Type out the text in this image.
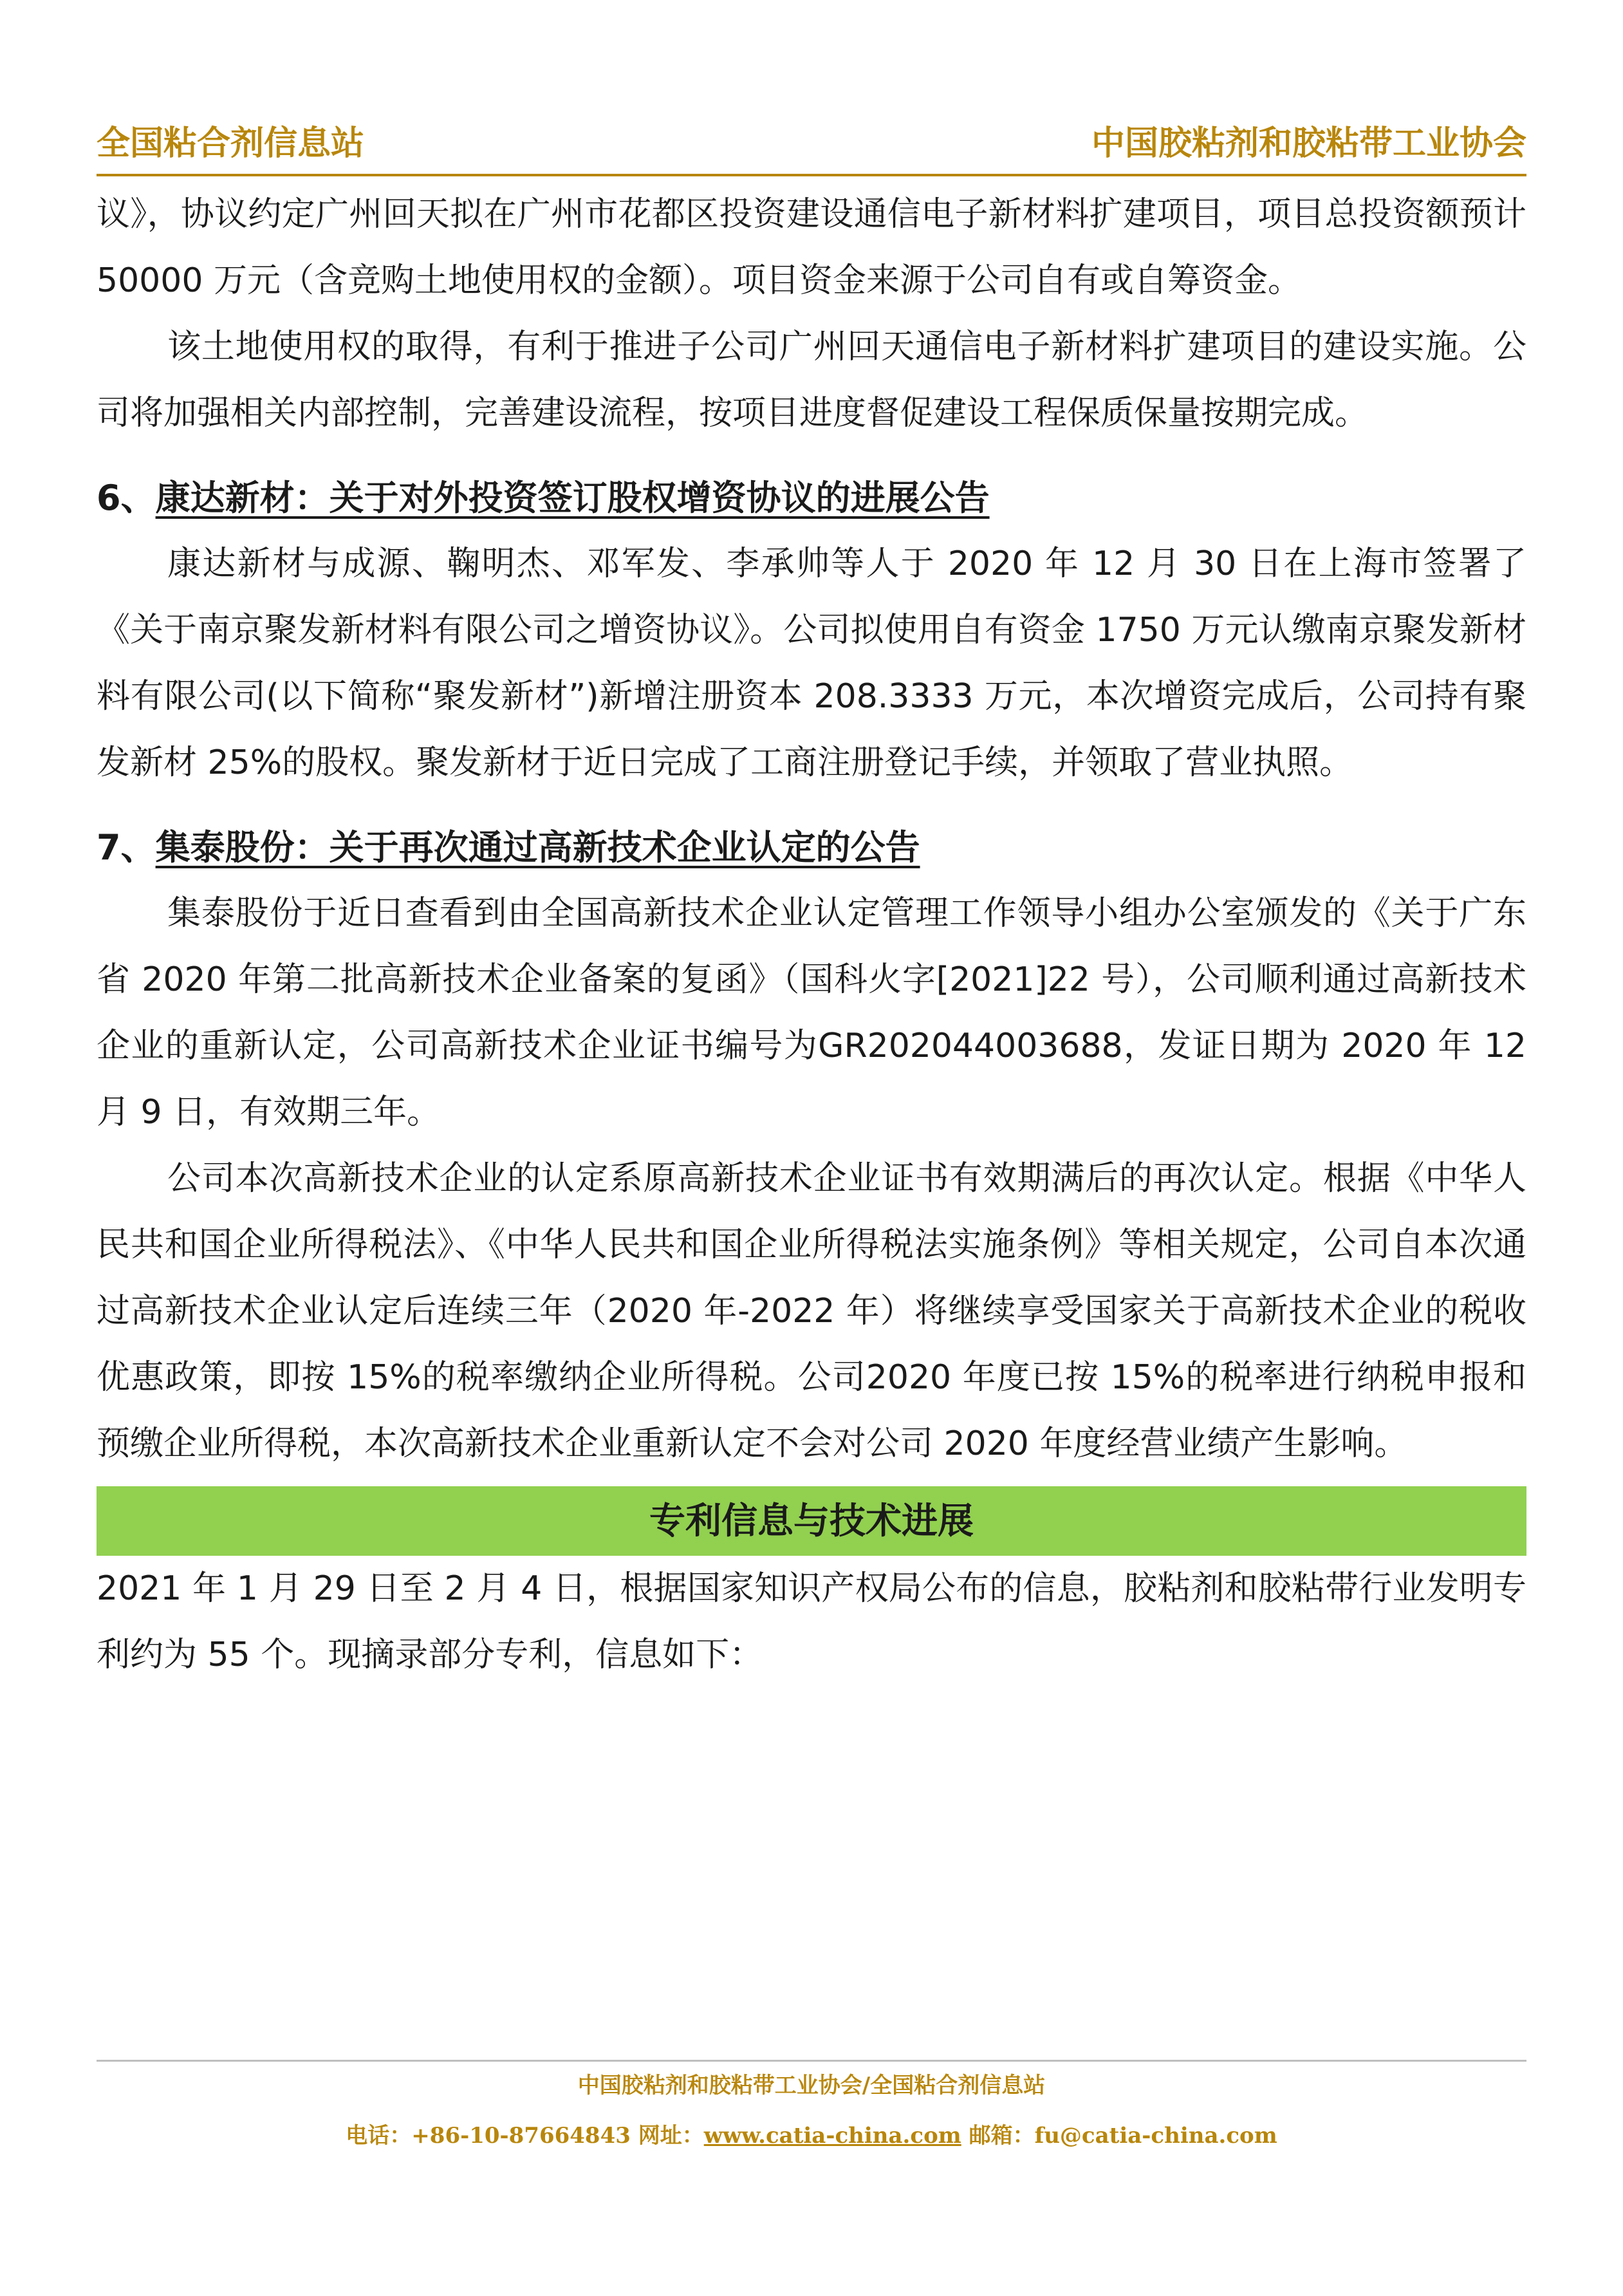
全国粘合剂信息站	中国胶粘剂和胶粘带工业协会

议》，协议约定广州回天拟在广州市花都区投资建设通信电子新材料扩建项目，项目总投资额预计 50000 万元（含竞购土地使用权的金额）。项目资金来源于公司自有或自筹资金。

该土地使用权的取得，有利于推进子公司广州回天通信电子新材料扩建项目的建设实施。公司将加强相关内部控制，完善建设流程，按项目进度督促建设工程保质保量按期完成。

6、康达新材：关于对外投资签订股权增资协议的进展公告

康达新材与成源、鞠明杰、邓军发、李承帅等人于 2020 年 12 月 30 日在上海市签署了《关于南京聚发新材料有限公司之增资协议》。公司拟使用自有资金 1750 万元认缴南京聚发新材料有限公司(以下简称“聚发新材”)新增注册资本 208.3333 万元，本次增资完成后，公司持有聚发新材 25%的股权。聚发新材于近日完成了工商注册登记手续，并领取了营业执照。

7、集泰股份：关于再次通过高新技术企业认定的公告

集泰股份于近日查看到由全国高新技术企业认定管理工作领导小组办公室颁发的《关于广东省 2020 年第二批高新技术企业备案的复函》（国科火字[2021]22 号），公司顺利通过高新技术企业的重新认定，公司高新技术企业证书编号为GR202044003688，发证日期为 2020 年 12 月 9 日，有效期三年。

公司本次高新技术企业的认定系原高新技术企业证书有效期满后的再次认定。根据《中华人民共和国企业所得税法》、《中华人民共和国企业所得税法实施条例》等相关规定，公司自本次通过高新技术企业认定后连续三年（2020 年-2022 年）将继续享受国家关于高新技术企业的税收优惠政策，即按 15%的税率缴纳企业所得税。公司2020 年度已按 15%的税率进行纳税申报和预缴企业所得税，本次高新技术企业重新认定不会对公司 2020 年度经营业绩产生影响。

专利信息与技术进展

2021 年 1 月 29 日至 2 月 4 日，根据国家知识产权局公布的信息，胶粘剂和胶粘带行业发明专利约为 55 个。现摘录部分专利，信息如下：

中国胶粘剂和胶粘带工业协会/全国粘合剂信息站
电话：+86-10-87664843 网址：www.catia-china.com 邮箱：fu@catia-china.com
